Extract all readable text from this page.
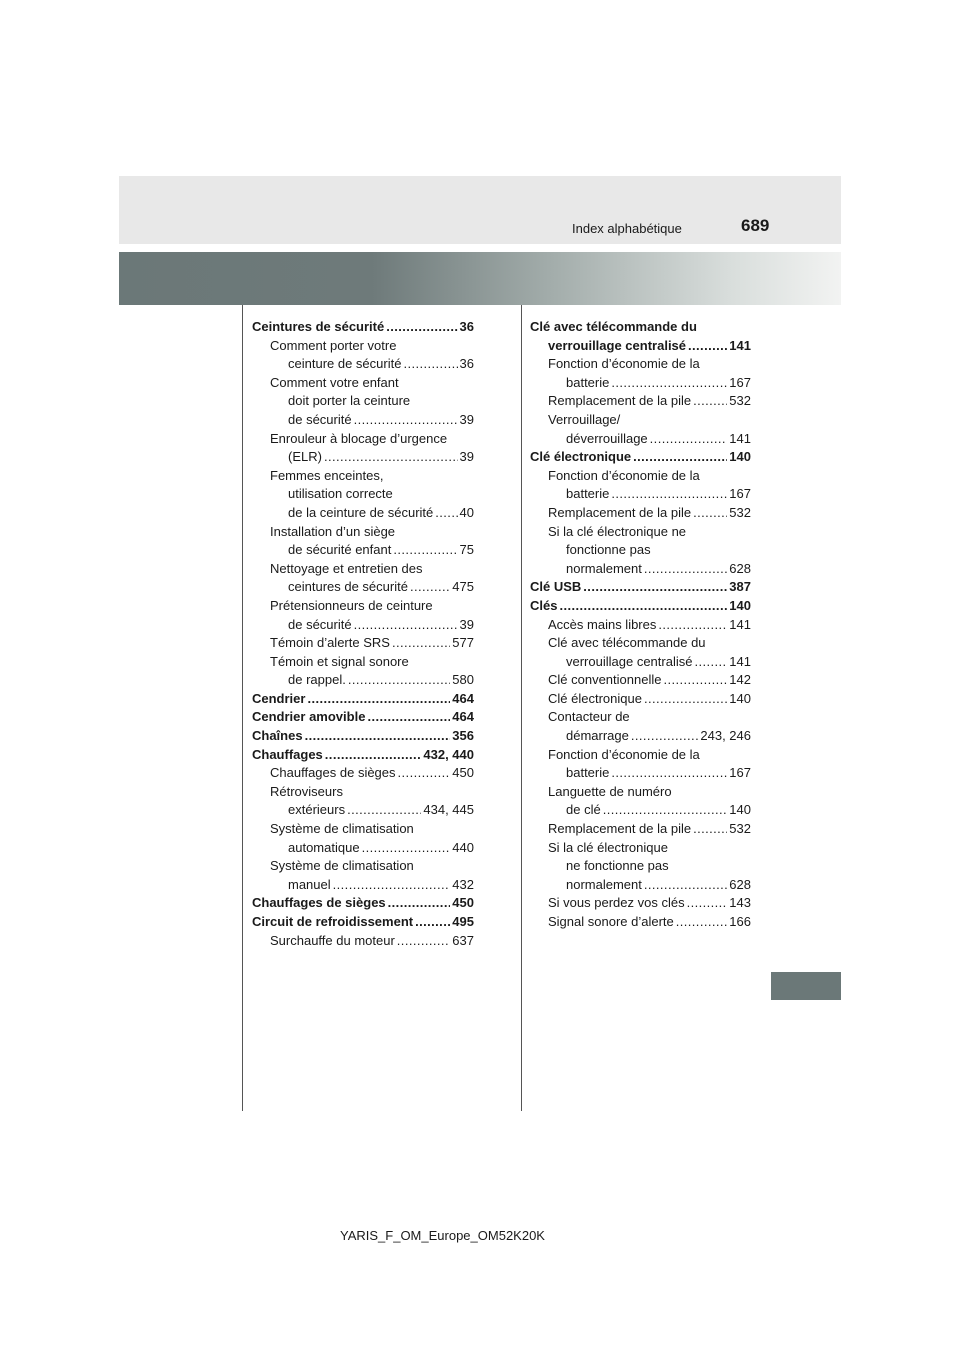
Index alphabétique	689
Ceintures de sécurité .....	36
Comment porter votre
ceinture de sécurité .....	36
Comment votre enfant
doit porter la ceinture
de sécurité .....	39
Enrouleur à blocage d’urgence
(ELR) .....	39
Femmes enceintes,
utilisation correcte
de la ceinture de sécurité ..... 40
Installation d’un siège
de sécurité enfant .....	75
Nettoyage et entretien des
ceintures de sécurité .....	475
Prétensionneurs de ceinture
de sécurité .....	39
Témoin d’alerte SRS .....	577
Témoin et signal sonore
de rappel. .....	580
Cendrier .....	464
Cendrier amovible .....	464
Chaînes .....	356
Chauffages .....	432, 440
Chauffages de sièges .....	450
Rétroviseurs
extérieurs .....	434, 445
Système de climatisation
automatique .....	440
Système de climatisation
manuel .....	432
Chauffages de sièges .....	450
Circuit de refroidissement .....	495
Surchauffe du moteur .....	637
Clé avec télécommande du
verrouillage centralisé .....	141
Fonction d’économie de la
batterie .....	167
Remplacement de la pile .....	532
Verrouillage/
déverrouillage .....	141
Clé électronique .....	140
Fonction d’économie de la
batterie .....	167
Remplacement de la pile .....	532
Si la clé électronique ne
fonctionne pas
normalement .....	628
Clé USB .....	387
Clés .....	140
Accès mains libres .....	141
Clé avec télécommande du
verrouillage centralisé .....	141
Clé conventionnelle .....	142
Clé électronique .....	140
Contacteur de
démarrage .....	243, 246
Fonction d’économie de la
batterie .....	167
Languette de numéro
de clé .....	140
Remplacement de la pile .....	532
Si la clé électronique
ne fonctionne pas
normalement .....	628
Si vous perdez vos clés .....	143
Signal sonore d’alerte .....	166
YARIS_F_OM_Europe_OM52K20K
